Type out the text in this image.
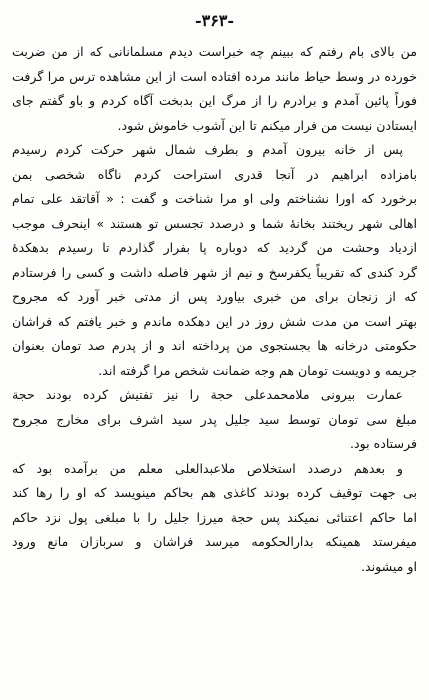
-۳۶۳-
من بالای بام رفتم که ببینم چه خبراست دیدم مسلمانانی که از من ضربت
خورده در وسط حیاط مانند مرده افتاده است از این مشاهده ترس مرا گرفت
فوراً پائین آمدم و برادرم را از مرگ این بدبخت آگاه کردم و باو گفتم جای
ایستادن نیست من فرار میکنم تا این آشوب خاموش شود.
پس از خانه بیرون آمدم و بطرف شمال شهر حرکت کردم رسیدم
بامزاده ابراهیم در آنجا قدری استراحت کردم ناگاه شخصی بمن
برخورد که اورا نشناختم ولی او مرا شناخت و گفت : « آقاتقد علی تمام
اهالی شهر ریختند بخانهٔ شما و درصدد تجسس تو هستند » اینحرف موجب
ازدیاد وحشت من گردید که دوباره پا بفرار گذاردم تا رسیدم بدهکدهٔ
گرد کندی که تقریباً یکفرسخ و نیم از شهر فاصله داشت و کسی را فرستادم
که از زنجان برای من خبری بیاورد پس از مدتی خبر آورد که مجروح
بهتر است من مدت شش روز در این دهکده ماندم و خبر یافتم که فراشان
حکومتی درخانه ها بجستجوی من پرداخته اند و از پدرم صد تومان بعنوان
جریمه و دویست تومان هم وجه ضمانت شخص مرا گرفته اند.
عمارت بیرونی ملامحمدعلی حجة را نیز تفتیش کرده بودند حجة
مبلغ سی تومان توسط سید جلیل پدر سید اشرف برای مخارج مجروح
فرستاده بود.
و بعدهم درصدد استخلاص ملاعبدالعلی معلم من برآمده بود که
بی جهت توقیف کرده بودند کاغذی هم بحاکم مینویسد که او را رها کند
اما حاکم اعتنائی نمیکند پس حجة میرزا جلیل را با مبلغی پول نزد حاکم
میفرستد همینکه بدارالحکومه میرسد فراشان و سربازان مانع ورود
او میشوند.
